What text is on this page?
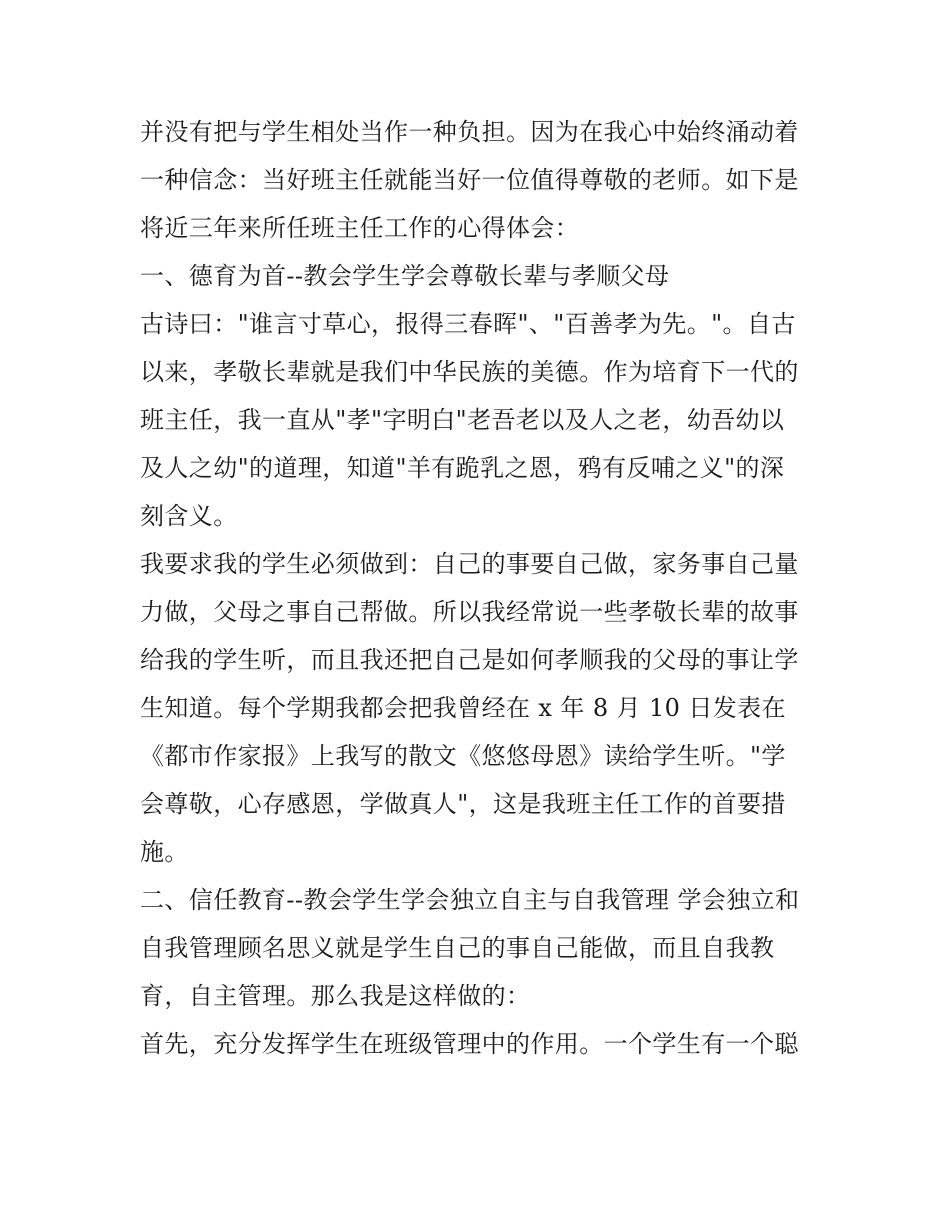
并没有把与学生相处当作一种负担。因为在我心中始终涌动着
一种信念：当好班主任就能当好一位值得尊敬的老师。如下是
将近三年来所任班主任工作的心得体会：

一、德育为首--教会学生学会尊敬长辈与孝顺父母

古诗曰："谁言寸草心，报得三春晖"、"百善孝为先。"。自古
以来，孝敬长辈就是我们中华民族的美德。作为培育下一代的
班主任，我一直从"孝"字明白"老吾老以及人之老，幼吾幼以
及人之幼"的道理，知道"羊有跪乳之恩，鸦有反哺之义"的深
刻含义。

我要求我的学生必须做到：自己的事要自己做，家务事自己量
力做，父母之事自己帮做。所以我经常说一些孝敬长辈的故事
给我的学生听，而且我还把自己是如何孝顺我的父母的事让学
生知道。每个学期我都会把我曾经在 x 年 8 月 10 日发表在
《都市作家报》上我写的散文《悠悠母恩》读给学生听。"学
会尊敬，心存感恩，学做真人"，这是我班主任工作的首要措
施。

二、信任教育--教会学生学会独立自主与自我管理 学会独立和
自我管理顾名思义就是学生自己的事自己能做，而且自我教
育，自主管理。那么我是这样做的：

首先，充分发挥学生在班级管理中的作用。一个学生有一个聪
